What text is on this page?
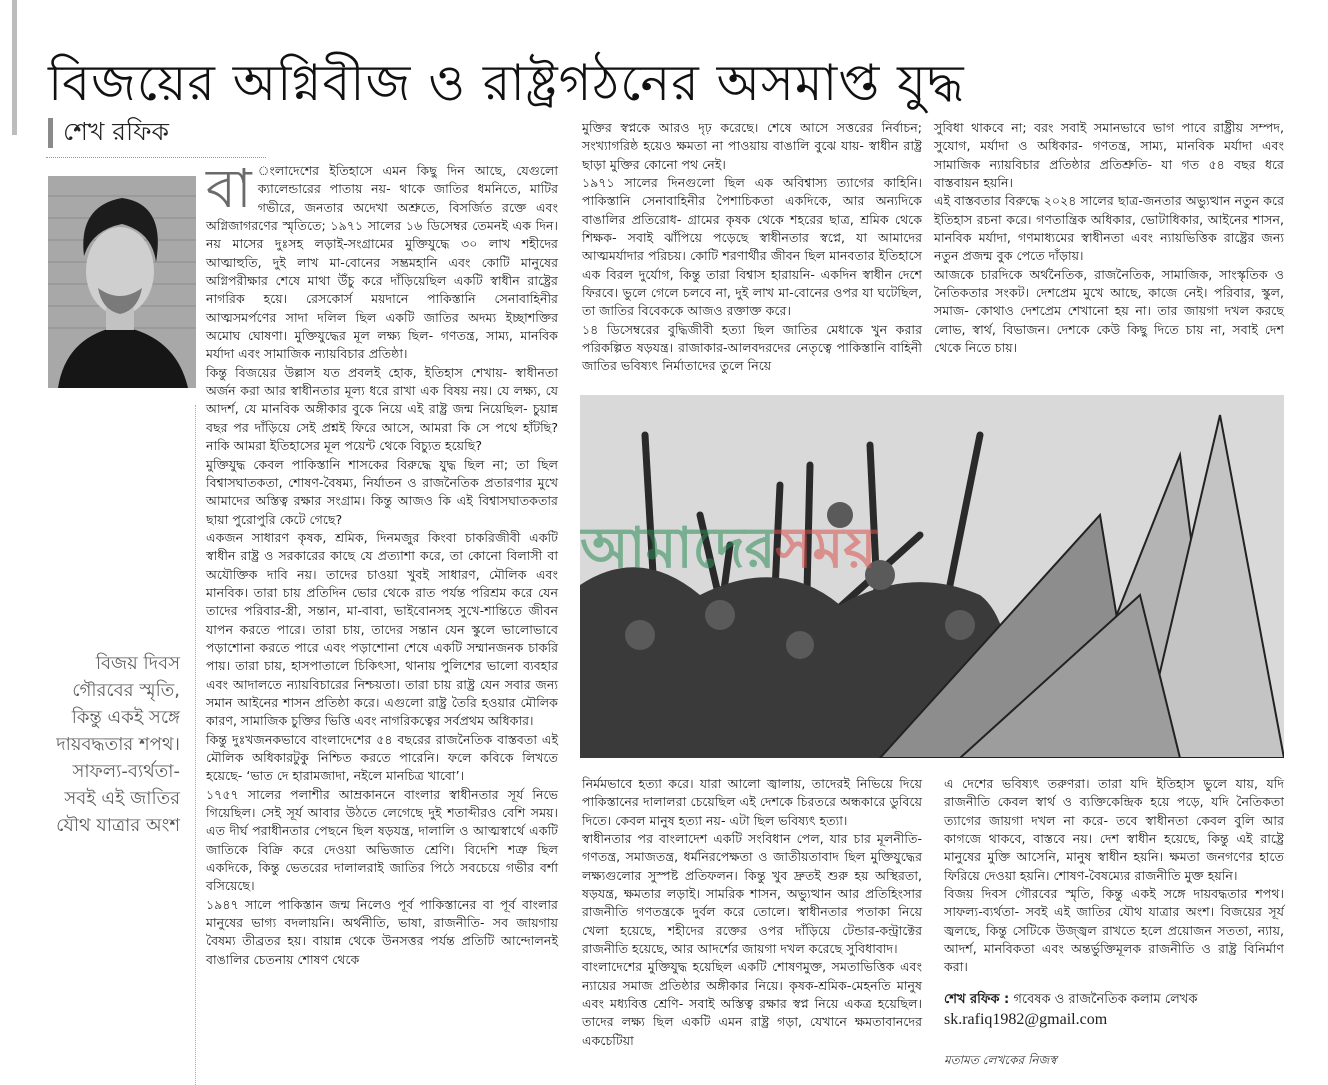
বিজয়ের অগ্নিবীজ ও রাষ্ট্রগঠনের অসমাপ্ত যুদ্ধ
শেখ রফিক
বিজয় দিবস গৌরবের স্মৃতি, কিন্তু একই সঙ্গে দায়বদ্ধতার শপথ। সাফল্য-ব্যর্থতা- সবই এই জাতির যৌথ যাত্রার অংশ

বা ংলাদেশের ইতিহাসে এমন কিছু দিন আছে, যেগুলো ক্যালেন্ডারের পাতায় নয়- থাকে জাতির ধমনিতে, মাটির গভীরে, জনতার অদেখা অশ্রুতে, বিসর্জিত রক্তে এবং অগ্নিজাগরণের স্মৃতিতে; ১৯৭১ সালের ১৬ ডিসেম্বর তেমনই এক দিন। নয় মাসের দুঃসহ লড়াই-সংগ্রামের মুক্তিযুদ্ধে ৩০ লাখ শহীদের আত্মাহুতি, দুই লাখ মা-বোনের সম্ভ্রমহানি এবং কোটি মানুষের অগ্নিপরীক্ষার শেষে মাথা উঁচু করে দাঁড়িয়েছিল একটি স্বাধীন রাষ্ট্রের নাগরিক হয়ে। রেসকোর্স ময়দানে পাকিস্তানি সেনাবাহিনীর আত্মসমর্পণের সাদা দলিল ছিল একটি জাতির অদম্য ইচ্ছাশক্তির অমোঘ ঘোষণা। মুক্তিযুদ্ধের মূল লক্ষ্য ছিল- গণতন্ত্র, সাম্য, মানবিক মর্যাদা এবং সামাজিক ন্যায়বিচার প্রতিষ্ঠা।

কিন্তু বিজয়ের উল্লাস যত প্রবলই হোক, ইতিহাস শেখায়- স্বাধীনতা অর্জন করা আর স্বাধীনতার মূল্য ধরে রাখা এক বিষয় নয়। যে লক্ষ্য, যে আদর্শ, যে মানবিক অঙ্গীকার বুকে নিয়ে এই রাষ্ট্র জন্ম নিয়েছিল- চুয়ান্ন বছর পর দাঁড়িয়ে সেই প্রশ্নই ফিরে আসে, আমরা কি সে পথে হাঁটছি? নাকি আমরা ইতিহাসের মূল পয়েন্ট থেকে বিচ্যুত হয়েছি?

মুক্তিযুদ্ধ কেবল পাকিস্তানি শাসকের বিরুদ্ধে যুদ্ধ ছিল না; তা ছিল বিশ্বাসঘাতকতা, শোষণ-বৈষম্য, নির্যাতন ও রাজনৈতিক প্রতারণার মুখে আমাদের অস্তিত্ব রক্ষার সংগ্রাম। কিন্তু আজও কি এই বিশ্বাসঘাতকতার ছায়া পুরোপুরি কেটে গেছে?

একজন সাধারণ কৃষক, শ্রমিক, দিনমজুর কিংবা চাকরিজীবী একটি স্বাধীন রাষ্ট্র ও সরকারের কাছে যে প্রত্যাশা করে, তা কোনো বিলাসী বা অযৌক্তিক দাবি নয়। তাদের চাওয়া খুবই সাধারণ, মৌলিক এবং মানবিক। তারা চায় প্রতিদিন ভোর থেকে রাত পর্যন্ত পরিশ্রম করে যেন তাদের পরিবার-স্ত্রী, সন্তান, মা-বাবা, ভাইবোনসহ সুখে-শান্তিতে জীবন যাপন করতে পারে। তারা চায়, তাদের সন্তান যেন স্কুলে ভালোভাবে পড়াশোনা করতে পারে এবং পড়াশোনা শেষে একটি সম্মানজনক চাকরি পায়। তারা চায়, হাসপাতালে চিকিৎসা, থানায় পুলিশের ভালো ব্যবহার এবং আদালতে ন্যায়বিচারের নিশ্চয়তা। তারা চায় রাষ্ট্র যেন সবার জন্য সমান আইনের শাসন প্রতিষ্ঠা করে। এগুলো রাষ্ট্র তৈরি হওয়ার মৌলিক কারণ, সামাজিক চুক্তির ভিত্তি এবং নাগরিকত্বের সর্বপ্রথম অধিকার।

কিন্তু দুঃখজনকভাবে বাংলাদেশের ৫৪ বছরের রাজনৈতিক বাস্তবতা এই মৌলিক অধিকারটুকু নিশ্চিত করতে পারেনি। ফলে কবিকে লিখতে হয়েছে- ‘ভাত দে হারামজাদা, নইলে মানচিত্র খাবো’।

১৭৫৭ সালের পলাশীর আম্রকাননে বাংলার স্বাধীনতার সূর্য নিভে গিয়েছিল। সেই সূর্য আবার উঠতে লেগেছে দুই শতাব্দীরও বেশি সময়। এত দীর্ঘ পরাধীনতার পেছনে ছিল ষড়যন্ত্র, দালালি ও আত্মস্বার্থে একটি জাতিকে বিক্রি করে দেওয়া অভিজাত শ্রেণি। বিদেশি শত্রু ছিল একদিকে, কিন্তু ভেতরের দালালরাই জাতির পিঠে সবচেয়ে গভীর বর্শা বসিয়েছে।

১৯৪৭ সালে পাকিস্তান জন্ম নিলেও পূর্ব পাকিস্তানের বা পূর্ব বাংলার মানুষের ভাগ্য বদলায়নি। অর্থনীতি, ভাষা, রাজনীতি- সব জায়গায় বৈষম্য তীব্রতর হয়। বায়ান্ন থেকে উনসত্তর পর্যন্ত প্রতিটি আন্দোলনই বাঙালির চেতনায় শোষণ থেকে

মুক্তির স্বপ্নকে আরও দৃঢ় করেছে। শেষে আসে সত্তরের নির্বাচন; সংখ্যাগরিষ্ঠ হয়েও ক্ষমতা না পাওয়ায় বাঙালি বুঝে যায়- স্বাধীন রাষ্ট্র ছাড়া মুক্তির কোনো পথ নেই।

১৯৭১ সালের দিনগুলো ছিল এক অবিশ্বাস্য ত্যাগের কাহিনি। পাকিস্তানি সেনাবাহিনীর পৈশাচিকতা একদিকে, আর অন্যদিকে বাঙালির প্রতিরোধ- গ্রামের কৃষক থেকে শহরের ছাত্র, শ্রমিক থেকে শিক্ষক- সবাই ঝাঁপিয়ে পড়েছে স্বাধীনতার স্বপ্নে, যা আমাদের আত্মমর্যাদার পরিচয়। কোটি শরণার্থীর জীবন ছিল মানবতার ইতিহাসে এক বিরল দুর্যোগ, কিন্তু তারা বিশ্বাস হারায়নি- একদিন স্বাধীন দেশে ফিরবে। ভুলে গেলে চলবে না, দুই লাখ মা-বোনের ওপর যা ঘটেছিল, তা জাতির বিবেককে আজও রক্তাক্ত করে।

১৪ ডিসেম্বরের বুদ্ধিজীবী হত্যা ছিল জাতির মেধাকে খুন করার পরিকল্পিত ষড়যন্ত্র। রাজাকার-আলবদরদের নেতৃত্বে পাকিস্তানি বাহিনী জাতির ভবিষ্যৎ নির্মাতাদের তুলে নিয়ে

সুবিধা থাকবে না; বরং সবাই সমানভাবে ভাগ পাবে রাষ্ট্রীয় সম্পদ, সুযোগ, মর্যাদা ও অধিকার- গণতন্ত্র, সাম্য, মানবিক মর্যাদা এবং সামাজিক ন্যায়বিচার প্রতিষ্ঠার প্রতিশ্রুতি- যা গত ৫৪ বছর ধরে বাস্তবায়ন হয়নি।

এই বাস্তবতার বিরুদ্ধে ২০২৪ সালের ছাত্র-জনতার অভ্যুত্থান নতুন করে ইতিহাস রচনা করে। গণতান্ত্রিক অধিকার, ভোটাধিকার, আইনের শাসন, মানবিক মর্যাদা, গণমাধ্যমের স্বাধীনতা এবং ন্যায়ভিত্তিক রাষ্ট্রের জন্য নতুন প্রজন্ম বুক পেতে দাঁড়ায়।

আজকে চারদিকে অর্থনৈতিক, রাজনৈতিক, সামাজিক, সাংস্কৃতিক ও নৈতিকতার সংকট। দেশপ্রেম মুখে আছে, কাজে নেই। পরিবার, স্কুল, সমাজ- কোথাও দেশপ্রেম শেখানো হয় না। তার জায়গা দখল করছে লোভ, স্বার্থ, বিভাজন। দেশকে কেউ কিছু দিতে চায় না, সবাই দেশ থেকে নিতে চায়।

আমাদেরসময়

নির্মমভাবে হত্যা করে। যারা আলো জ্বালায়, তাদেরই নিভিয়ে দিয়ে পাকিস্তানের দালালরা চেয়েছিল এই দেশকে চিরতরে অন্ধকারে ডুবিয়ে দিতে। কেবল মানুষ হত্যা নয়- এটা ছিল ভবিষ্যৎ হত্যা।

স্বাধীনতার পর বাংলাদেশ একটি সংবিধান পেল, যার চার মূলনীতি- গণতন্ত্র, সমাজতন্ত্র, ধর্মনিরপেক্ষতা ও জাতীয়তাবাদ ছিল মুক্তিযুদ্ধের লক্ষ্যগুলোর সুস্পষ্ট প্রতিফলন। কিন্তু খুব দ্রুতই শুরু হয় অস্থিরতা, ষড়যন্ত্র, ক্ষমতার লড়াই। সামরিক শাসন, অভ্যুত্থান আর প্রতিহিংসার রাজনীতি গণতন্ত্রকে দুর্বল করে তোলে। স্বাধীনতার পতাকা নিয়ে খেলা হয়েছে, শহীদের রক্তের ওপর দাঁড়িয়ে টেন্ডার-কন্ট্রাক্টের রাজনীতি হয়েছে, আর আদর্শের জায়গা দখল করেছে সুবিধাবাদ।

বাংলাদেশের মুক্তিযুদ্ধ হয়েছিল একটি শোষণমুক্ত, সমতাভিত্তিক এবং ন্যায়ের সমাজ প্রতিষ্ঠার অঙ্গীকার নিয়ে। কৃষক-শ্রমিক-মেহনতি মানুষ এবং মধ্যবিত্ত শ্রেণি- সবাই অস্তিত্ব রক্ষার স্বপ্ন নিয়ে একত্র হয়েছিল। তাদের লক্ষ্য ছিল একটি এমন রাষ্ট্র গড়া, যেখানে ক্ষমতাবানদের একচেটিয়া

এ দেশের ভবিষ্যৎ তরুণরা। তারা যদি ইতিহাস ভুলে যায়, যদি রাজনীতি কেবল স্বার্থ ও ব্যক্তিকেন্দ্রিক হয়ে পড়ে, যদি নৈতিকতা ত্যাগের জায়গা দখল না করে- তবে স্বাধীনতা কেবল বুলি আর কাগজে থাকবে, বাস্তবে নয়। দেশ স্বাধীন হয়েছে, কিন্তু এই রাষ্ট্রে মানুষের মুক্তি আসেনি, মানুষ স্বাধীন হয়নি। ক্ষমতা জনগণের হাতে ফিরিয়ে দেওয়া হয়নি। শোষণ-বৈষম্যের রাজনীতি মুক্ত হয়নি।

বিজয় দিবস গৌরবের স্মৃতি, কিন্তু একই সঙ্গে দায়বদ্ধতার শপথ। সাফল্য-ব্যর্থতা- সবই এই জাতির যৌথ যাত্রার অংশ। বিজয়ের সূর্য জ্বলছে, কিন্তু সেটিকে উজ্জ্বল রাখতে হলে প্রয়োজন সততা, ন্যায়, আদর্শ, মানবিকতা এবং অন্তর্ভুক্তিমূলক রাজনীতি ও রাষ্ট্র বিনির্মাণ করা।

শেখ রফিক : গবেষক ও রাজনৈতিক কলাম লেখক
sk.rafiq1982@gmail.com
মতামত লেখকের নিজস্ব
